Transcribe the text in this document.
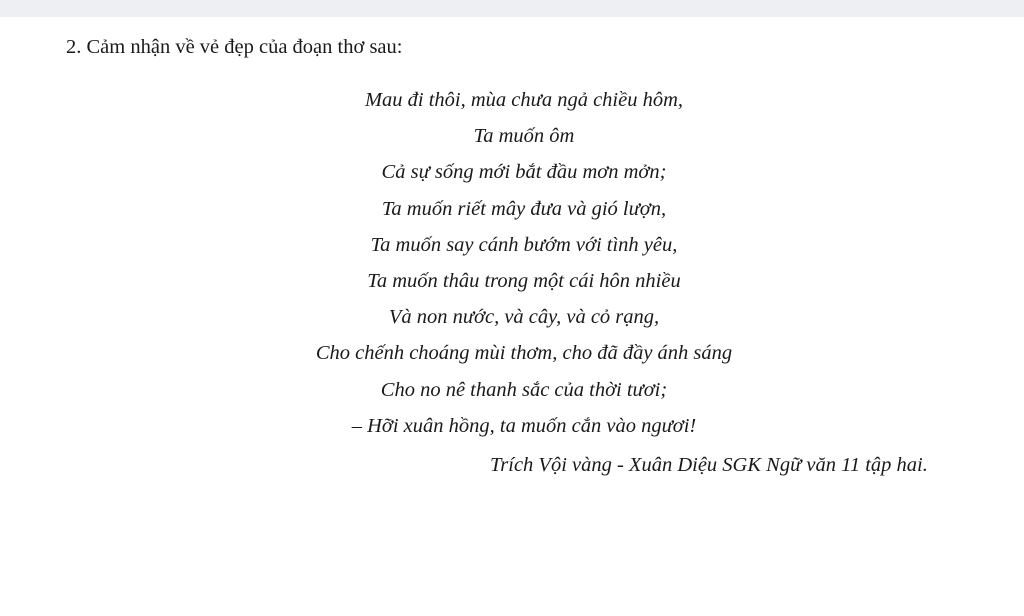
2. Cảm nhận về vẻ đẹp của đoạn thơ sau:
Mau đi thôi, mùa chưa ngả chiều hôm,
Ta muốn ôm
Cả sự sống mới bắt đầu mơn mởn;
Ta muốn riết mây đưa và gió lượn,
Ta muốn say cánh bướm với tình yêu,
Ta muốn thâu trong một cái hôn nhiều
Và non nước, và cây, và cỏ rạng,
Cho chếnh choáng mùi thơm, cho đã đầy ánh sáng
Cho no nê thanh sắc của thời tươi;
– Hỡi xuân hồng, ta muốn cắn vào ngươi!
Trích Vội vàng - Xuân Diệu SGK Ngữ văn 11 tập hai.
